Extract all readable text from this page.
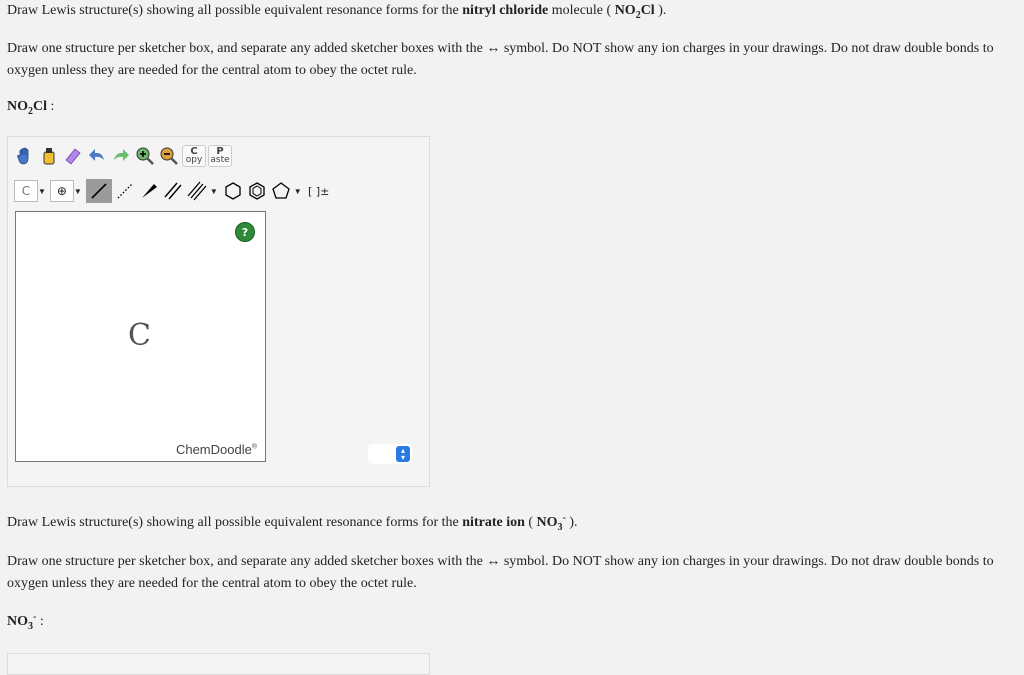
Draw Lewis structure(s) showing all possible equivalent resonance forms for the nitryl chloride molecule ( $NO_2Cl$ ).
Draw one structure per sketcher box, and separate any added sketcher boxes with the ↔ symbol. Do NOT show any ion charges in your drawings. Do not draw double bonds to oxygen unless they are needed for the central atom to obey the octet rule.
$NO_2Cl$ :
C
opy
P
aste
C ▼ ⊕ ▼	▼	▼ [ ]±
C
?
ChemDoodle®	▴
▾
Draw Lewis structure(s) showing all possible equivalent resonance forms for the nitrate ion ( $NO_3^-$ ).
Draw one structure per sketcher box, and separate any added sketcher boxes with the ↔ symbol. Do NOT show any ion charges in your drawings. Do not draw double bonds to oxygen unless they are needed for the central atom to obey the octet rule.
$NO_3^-$ :
